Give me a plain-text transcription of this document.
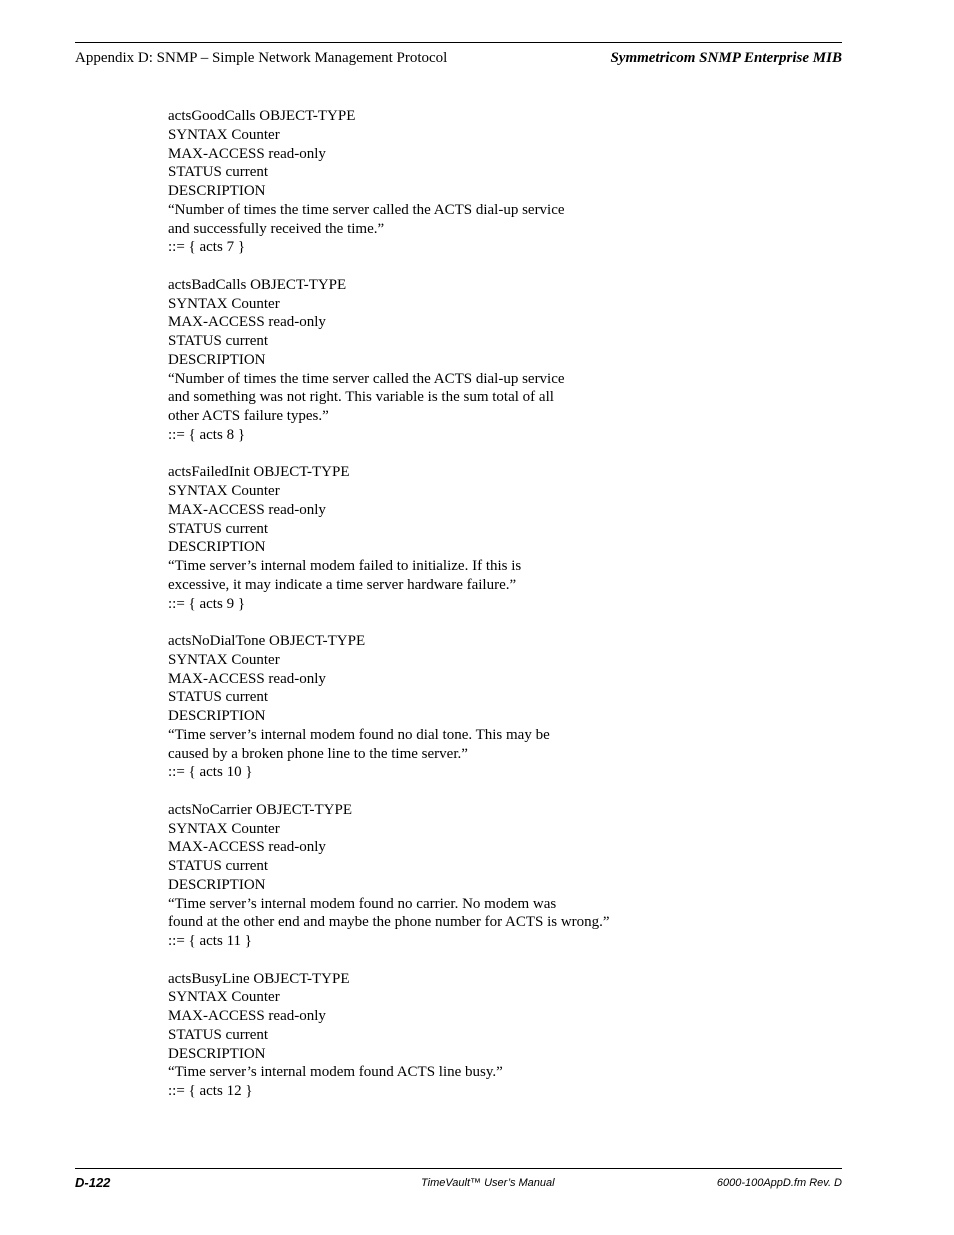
Appendix D: SNMP – Simple Network Management Protocol	Symmetricom SNMP Enterprise MIB
actsGoodCalls OBJECT-TYPE
SYNTAX Counter
MAX-ACCESS read-only
STATUS current
DESCRIPTION
“Number of times the time server called the ACTS dial-up service
and successfully received the time.”
::= { acts 7 }
actsBadCalls OBJECT-TYPE
SYNTAX Counter
MAX-ACCESS read-only
STATUS current
DESCRIPTION
“Number of times the time server called the ACTS dial-up service
and something was not right. This variable is the sum total of all
other ACTS failure types.”
::= { acts 8 }
actsFailedInit OBJECT-TYPE
SYNTAX Counter
MAX-ACCESS read-only
STATUS current
DESCRIPTION
“Time server’s internal modem failed to initialize. If this is
excessive, it may indicate a time server hardware failure.”
::= { acts 9 }
actsNoDialTone OBJECT-TYPE
SYNTAX Counter
MAX-ACCESS read-only
STATUS current
DESCRIPTION
“Time server’s internal modem found no dial tone. This may be
caused by a broken phone line to the time server.”
::= { acts 10 }
actsNoCarrier OBJECT-TYPE
SYNTAX Counter
MAX-ACCESS read-only
STATUS current
DESCRIPTION
“Time server’s internal modem found no carrier. No modem was
found at the other end and maybe the phone number for ACTS is wrong.”
::= { acts 11 }
actsBusyLine OBJECT-TYPE
SYNTAX Counter
MAX-ACCESS read-only
STATUS current
DESCRIPTION
“Time server’s internal modem found ACTS line busy.”
::= { acts 12 }
D-122	TimeVault™ User’s Manual	6000-100AppD.fm Rev. D
